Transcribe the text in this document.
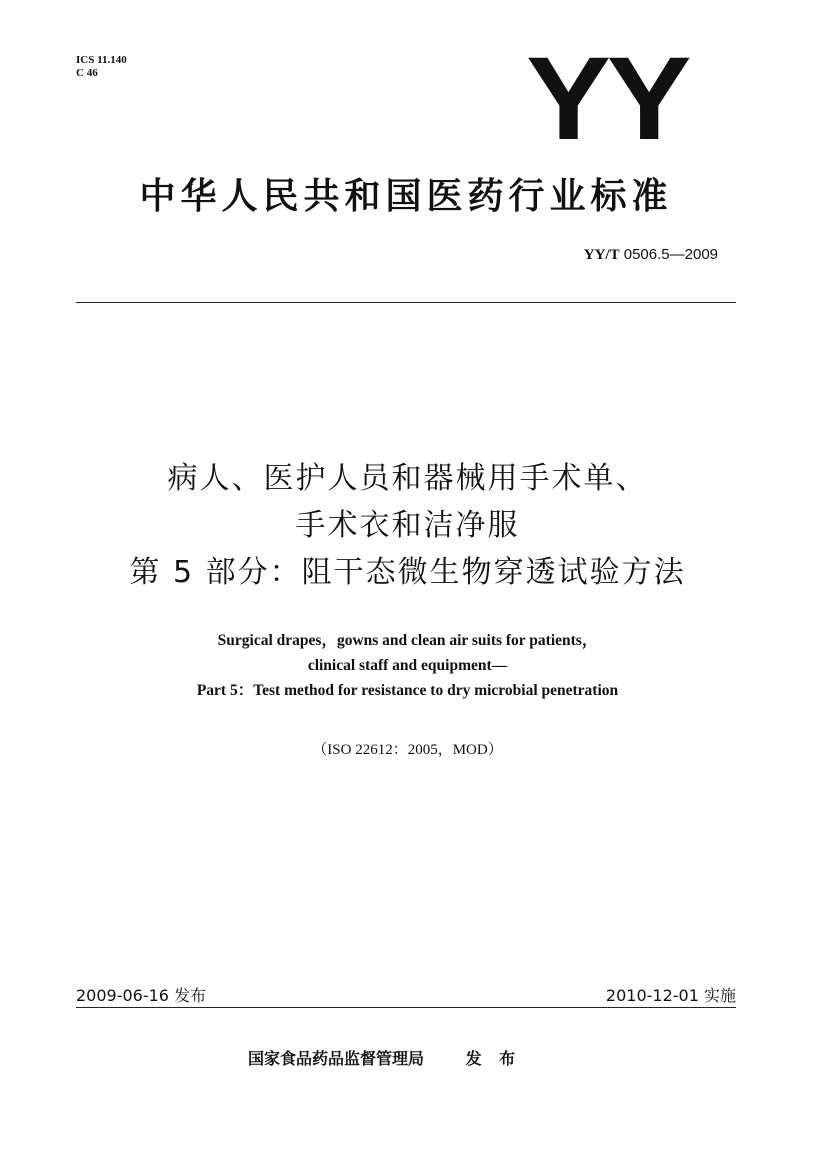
ICS 11.140
C 46	YY
中华人民共和国医药行业标准
YY/T 0506.5—2009
病人、医护人员和器械用手术单、
手术衣和洁净服
第 5 部分：阻干态微生物穿透试验方法
Surgical drapes，gowns and clean air suits for patients，
clinical staff and equipment—
Part 5：Test method for resistance to dry microbial penetration
（ISO 22612：2005，MOD）
2009-06-16 发布	2010-12-01 实施
国家食品药品监督管理局	发 布
